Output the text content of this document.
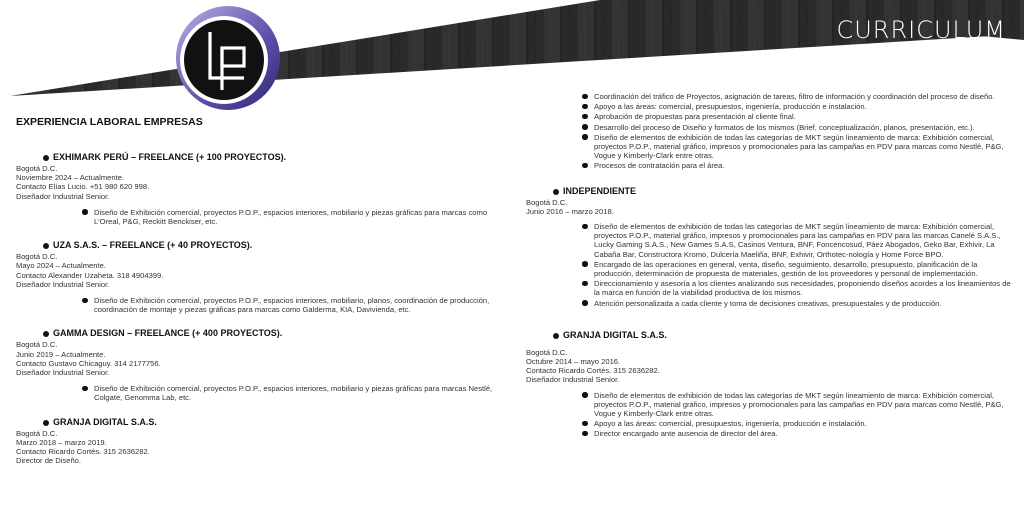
CURRICULUM
EXPERIENCIA LABORAL EMPRESAS
EXHIMARK PERÚ – FREELANCE (+ 100 PROYECTOS).
Bogotá D.C.
Noviembre 2024 – Actualmente.
Contacto Elías Lucio. +51 980 620 998.
Diseñador Industrial Senior.
Diseño de Exhibición comercial, proyectos P.O.P., espacios interiores, mobiliario y piezas gráficas para marcas como L'Oreal, P&G, Reckitt Benckiser, etc.
UZA S.A.S. – FREELANCE (+ 40 PROYECTOS).
Bogotá D.C.
Mayo 2024 – Actualmente.
Contacto Alexander Uzaheta. 318 4904399.
Diseñador Industrial Senior.
Diseño de Exhibición comercial, proyectos P.O.P., espacios interiores, mobiliario, planos, coordinación de producción, coordinación de montaje y piezas gráficas para marcas como Galderma, KIA, Davivienda, etc.
GAMMA DESIGN – FREELANCE (+ 400 PROYECTOS).
Bogotá D.C.
Junio 2019 – Actualmente.
Contacto Gustavo Chicaguy. 314 2177756.
Diseñador Industrial Senior.
Diseño de Exhibición comercial, proyectos P.O.P., espacios interiores, mobiliario y piezas gráficas para marcas Nestlé, Colgate, Genomma Lab, etc.
GRANJA DIGITAL S.A.S.
Bogotá D.C.
Marzo 2018 – marzo 2019.
Contacto Ricardo Cortés. 315 2636282.
Director de Diseño.
Coordinación del tráfico de Proyectos, asignación de tareas, filtro de información y coordinación del proceso de diseño.
Apoyo a las áreas: comercial, presupuestos, ingeniería, producción e instalación.
Aprobación de propuestas para presentación al cliente final.
Desarrollo del proceso de Diseño y formatos de los mismos (Brief, conceptualización, planos, presentación, etc.).
Diseño de elementos de exhibición de todas las categorías de MKT según lineamiento de marca: Exhibición comercial, proyectos P.O.P., material gráfico, impresos y promocionales para las campañas en PDV para marcas como Nestlé, P&G, Vogue y Kimberly-Clark entre otras.
Procesos de contratación para el área.
INDEPENDIENTE
Bogotá D.C.
Junio 2016 – marzo 2018.
Diseño de elementos de exhibición de todas las categorías de MKT según lineamiento de marca: Exhibición comercial, proyectos P.O.P., material gráfico, impresos y promocionales para las campañas en PDV para las marcas Canelé S.A.S., Lucky Gaming S.A.S., New Games S.A.S, Casinos Ventura, BNF, Foncencosud, Páez Abogados, Geko Bar, Exhivir, La Cabaña Bar, Constructora Kromo, Dulcería Maeliña, BNF, Exhivir, Orthotec-nología y Home Force BPO.
Encargado de las operaciones en general, venta, diseño, seguimiento, desarrollo, presupuesto, planificación de la producción, determinación de propuesta de materiales, gestión de los proveedores y personal de implementación.
Direccionamiento y asesoría a los clientes analizando sus necesidades, proponiendo diseños acordes a los lineamientos de la marca en función de la viabilidad productiva de los mismos.
Atención personalizada a cada cliente y toma de decisiones creativas, presupuestales y de producción.
GRANJA DIGITAL S.A.S.
Bogotá D.C.
Octubre 2014 – mayo 2016.
Contacto Ricardo Cortés. 315 2636282.
Diseñador Industrial Senior.
Diseño de elementos de exhibición de todas las categorías de MKT según lineamiento de marca: Exhibición comercial, proyectos P.O.P., material gráfico, impresos y promocionales para las campañas en PDV para marcas como Nestlé, P&G, Vogue y Kimberly-Clark entre otras.
Apoyo a las áreas: comercial, presupuestos, ingeniería, producción e instalación.
Director encargado ante ausencia de director del área.
